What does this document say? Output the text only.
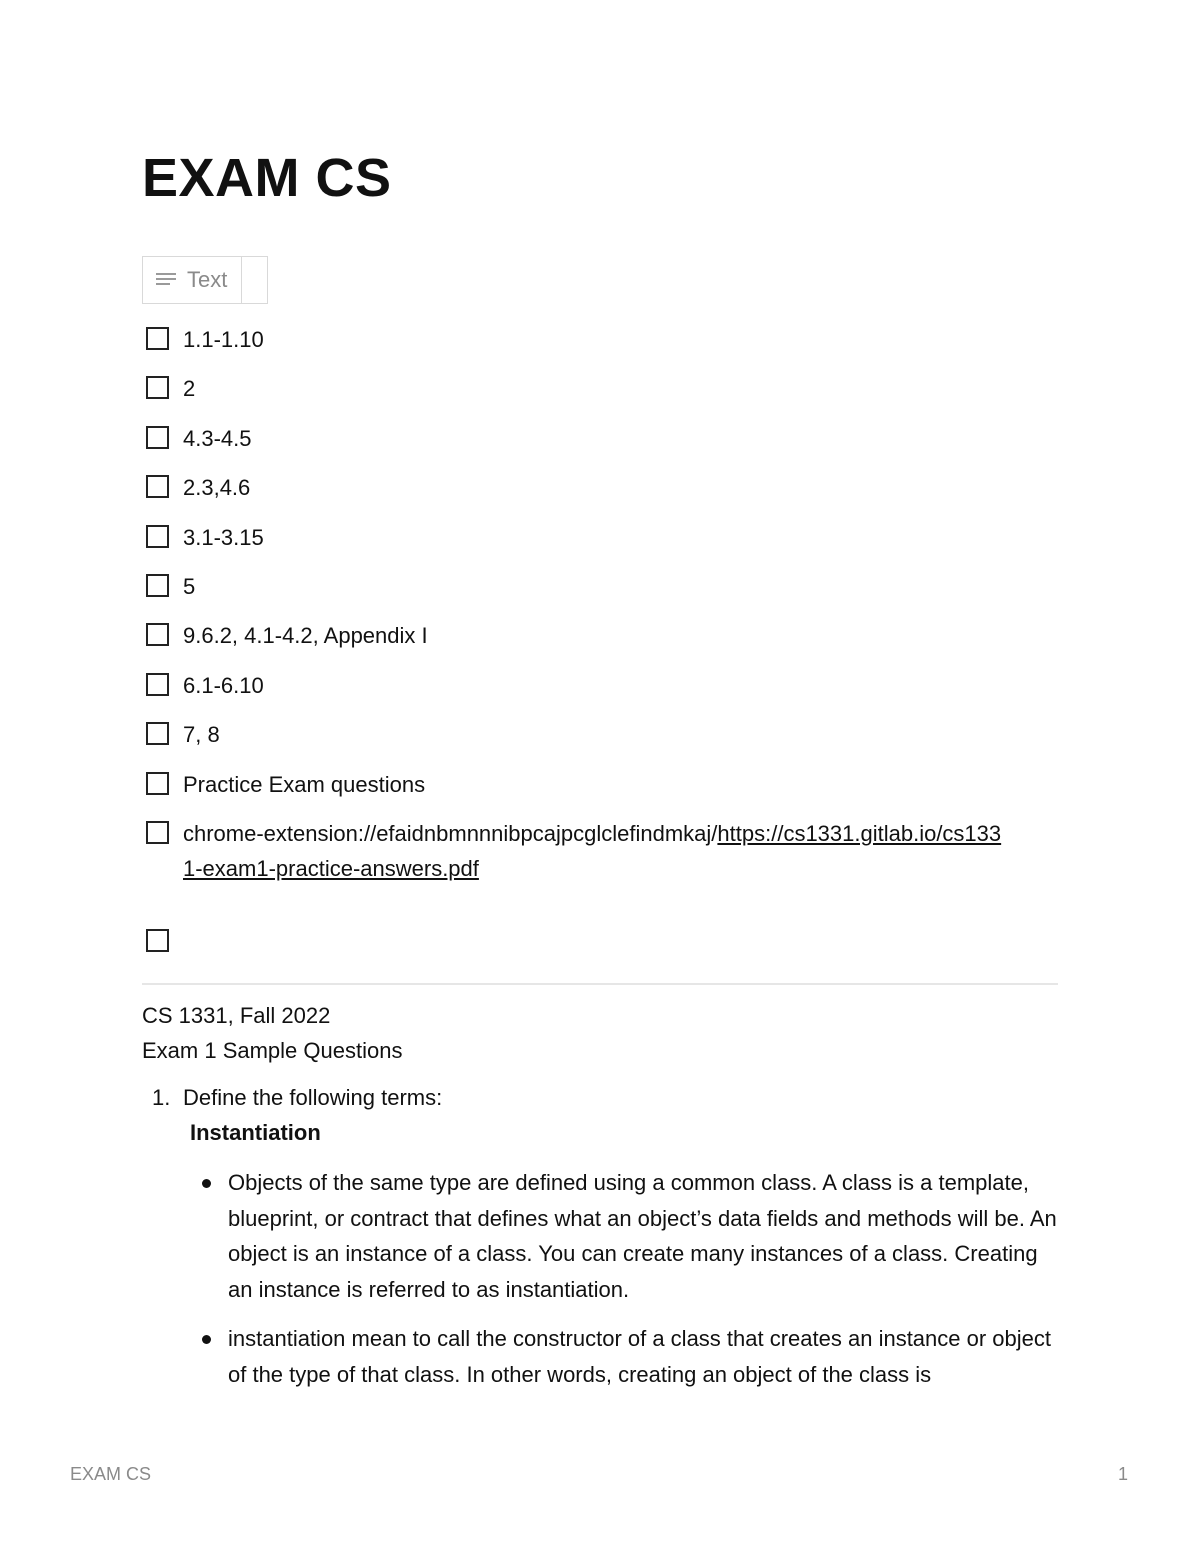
EXAM CS
Text
1.1-1.10
2
4.3-4.5
2.3,4.6
3.1-3.15
5
9.6.2, 4.1-4.2, Appendix I
6.1-6.10
7, 8
Practice Exam questions
chrome-extension://efaidnbmnnnibpcajpcglclefindmkaj/https://cs1331.gitlab.io/cs1331-exam1-practice-answers.pdf
CS 1331, Fall 2022
Exam 1 Sample Questions
1. Define the following terms:
Instantiation
Objects of the same type are defined using a common class. A class is a template, blueprint, or contract that defines what an object’s data fields and methods will be. An object is an instance of a class. You can create many instances of a class. Creating an instance is referred to as instantiation.
instantiation mean to call the constructor of a class that creates an instance or object of the type of that class. In other words, creating an object of the class is
EXAM CS	1
